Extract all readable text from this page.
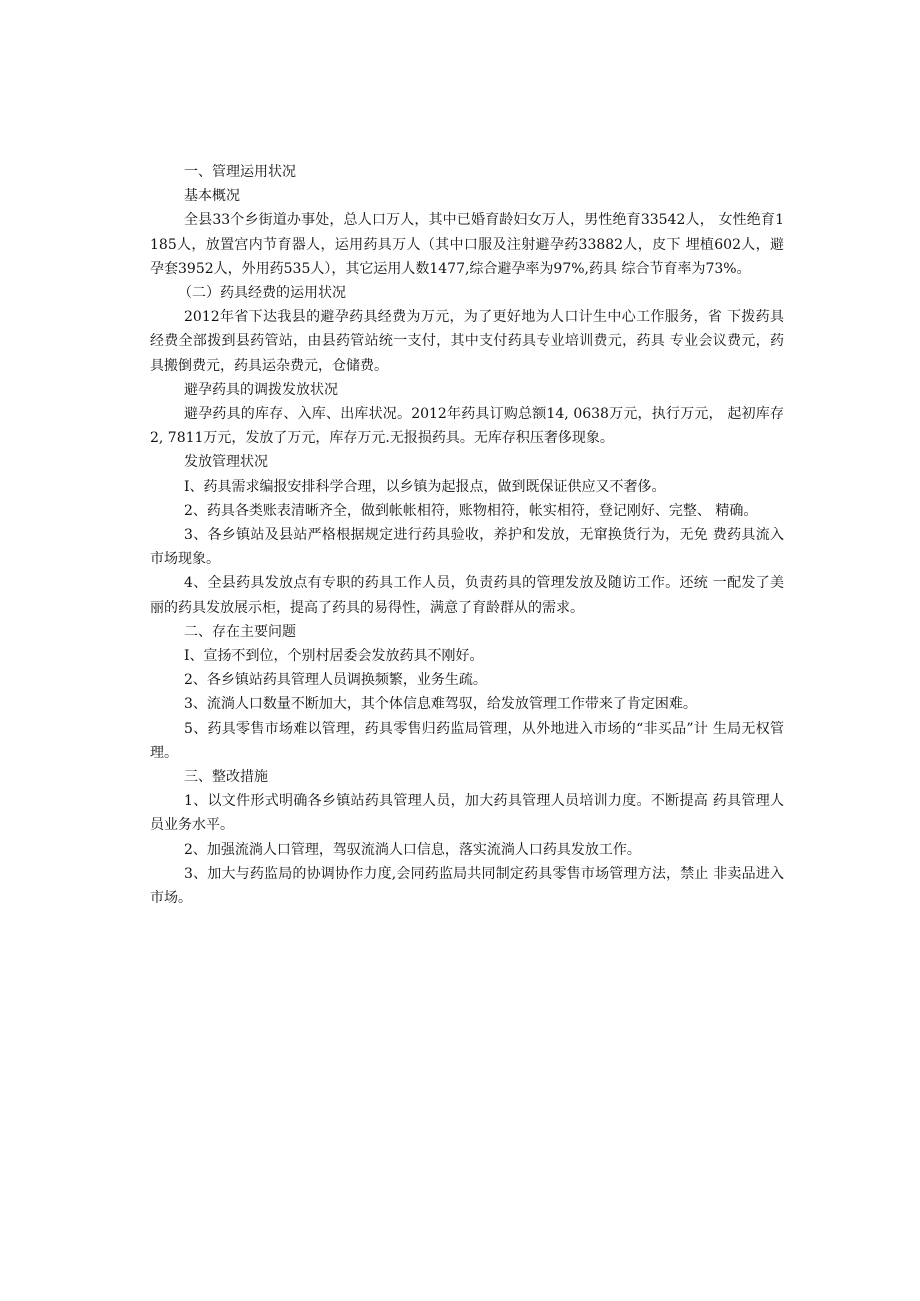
一、管理运用状况

基本概况

全县33个乡街道办事处，总人口万人，其中已婚育龄妇女万人，男性绝育33542人， 女性绝育1185人，放置宫内节育器人，运用药具万人（其中口服及注射避孕药33882人，皮下 埋植602人，避孕套3952人，外用药535人），其它运用人数1477,综合避孕率为97%,药具 综合节育率为73%。

（二）药具经费的运用状况

2012年省下达我县的避孕药具经费为万元，为了更好地为人口计生中心工作服务，省 下拨药具经费全部拨到县药管站，由县药管站统一支付，其中支付药具专业培训费元，药具 专业会议费元，药具搬倒费元，药具运杂费元，仓储费。

避孕药具的调拨发放状况

避孕药具的库存、入库、出库状况。2012年药具订购总额14, 0638万元，执行万元， 起初库存2, 7811万元，发放了万元，库存万元.无报损药具。无库存积压奢侈现象。

发放管理状况

I、药具需求编报安排科学合理，以乡镇为起报点，做到既保证供应又不奢侈。

2、药具各类账表清晰齐全，做到帐帐相符，账物相符，帐实相符，登记刚好、完整、 精确。

3、各乡镇站及县站严格根据规定进行药具验收，养护和发放，无窜换货行为，无免 费药具流入市场现象。

4、全县药具发放点有专职的药具工作人员，负责药具的管理发放及随访工作。还统 一配发了美丽的药具发放展示柜，提高了药具的易得性，满意了育龄群从的需求。

二、存在主要问题

I、宣扬不到位，个别村居委会发放药具不刚好。

2、各乡镇站药具管理人员调换频繁，业务生疏。

3、流淌人口数量不断加大，其个体信息难驾驭，给发放管理工作带来了肯定困难。

5、药具零售市场难以管理，药具零售归药监局管理，从外地进入市场的“非买品”计 生局无权管理。

三、整改措施

1、以文件形式明确各乡镇站药具管理人员，加大药具管理人员培训力度。不断提高 药具管理人员业务水平。

2、加强流淌人口管理，驾驭流淌人口信息，落实流淌人口药具发放工作。

3、加大与药监局的协调协作力度,会同药监局共同制定药具零售市场管理方法，禁止 非卖品进入市场。
